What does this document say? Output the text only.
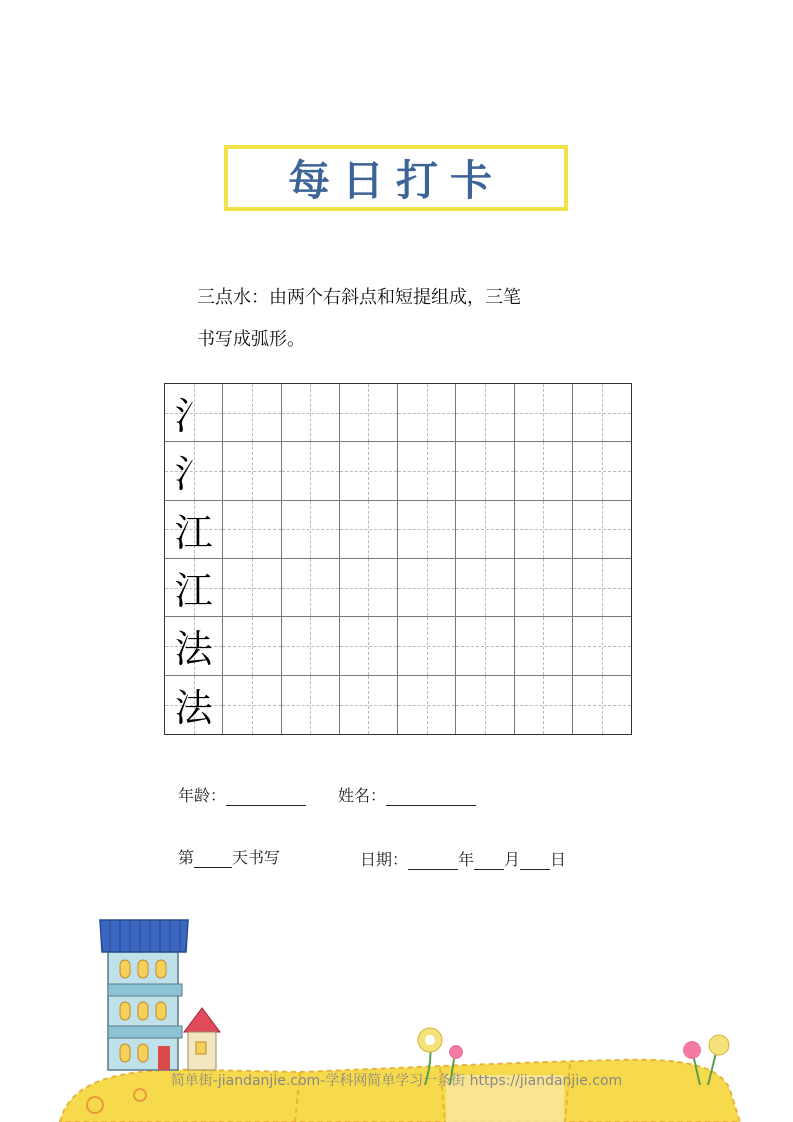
每日打卡
三点水：由两个右斜点和短提组成，三笔
书写成弧形。
氵
氵
江
江
法
法
年龄：	姓名：
第 天书写	日期：	年 月 日
简单街-jiandanjie.com-学科网简单学习一条街 https://jiandanjie.com
